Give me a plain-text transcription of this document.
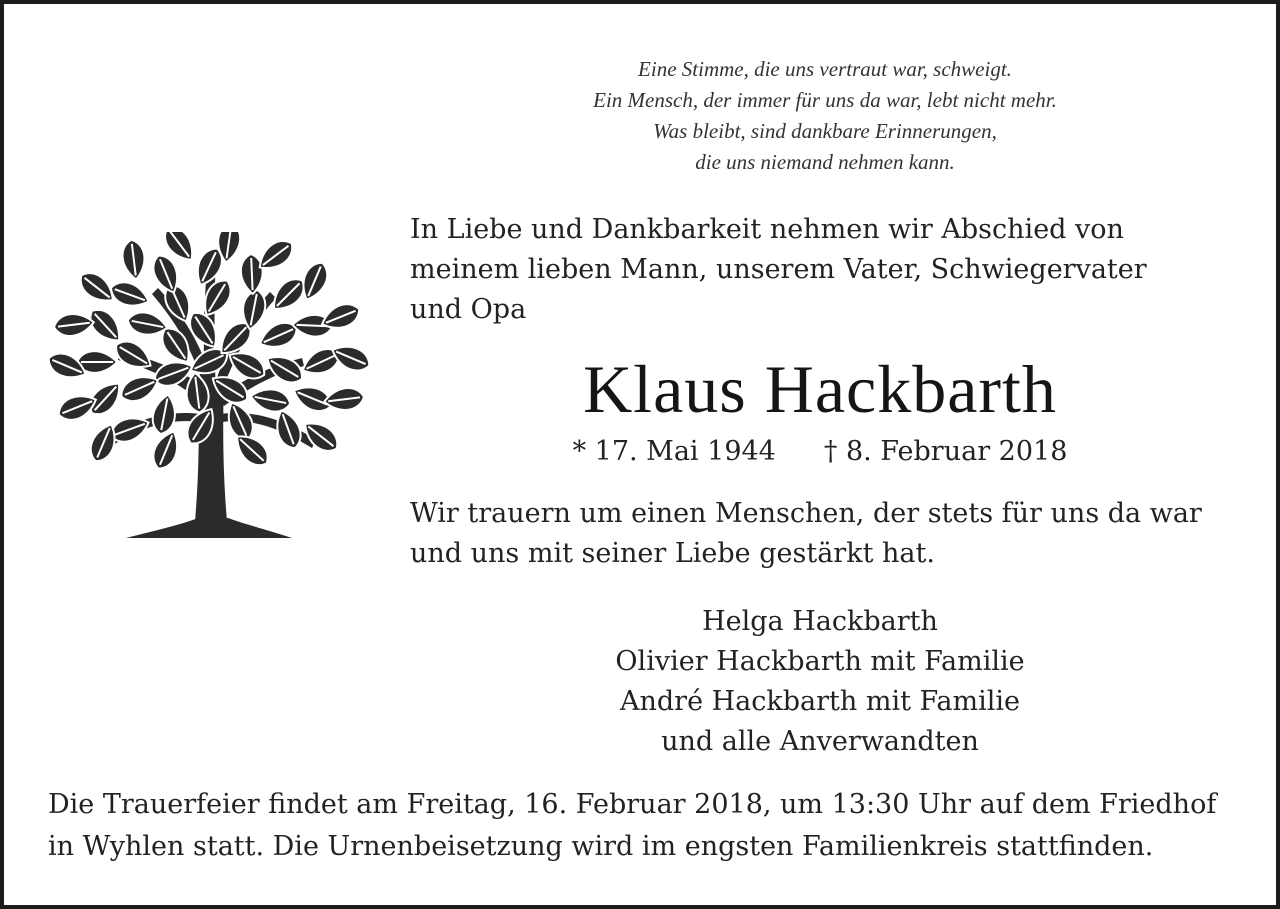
Eine Stimme, die uns vertraut war, schweigt.
Ein Mensch, der immer für uns da war, lebt nicht mehr.
Was bleibt, sind dankbare Erinnerungen,
die uns niemand nehmen kann.
In Liebe und Dankbarkeit nehmen wir Abschied von
meinem lieben Mann, unserem Vater, Schwiegervater
und Opa
Klaus Hackbarth
* 17. Mai 1944 † 8. Februar 2018
Wir trauern um einen Menschen, der stets für uns da war
und uns mit seiner Liebe gestärkt hat.
Helga Hackbarth
Olivier Hackbarth mit Familie
André Hackbarth mit Familie
und alle Anverwandten
Die Trauerfeier findet am Freitag, 16. Februar 2018, um 13:30 Uhr auf dem Friedhof
in Wyhlen statt. Die Urnenbeisetzung wird im engsten Familienkreis stattfinden.
